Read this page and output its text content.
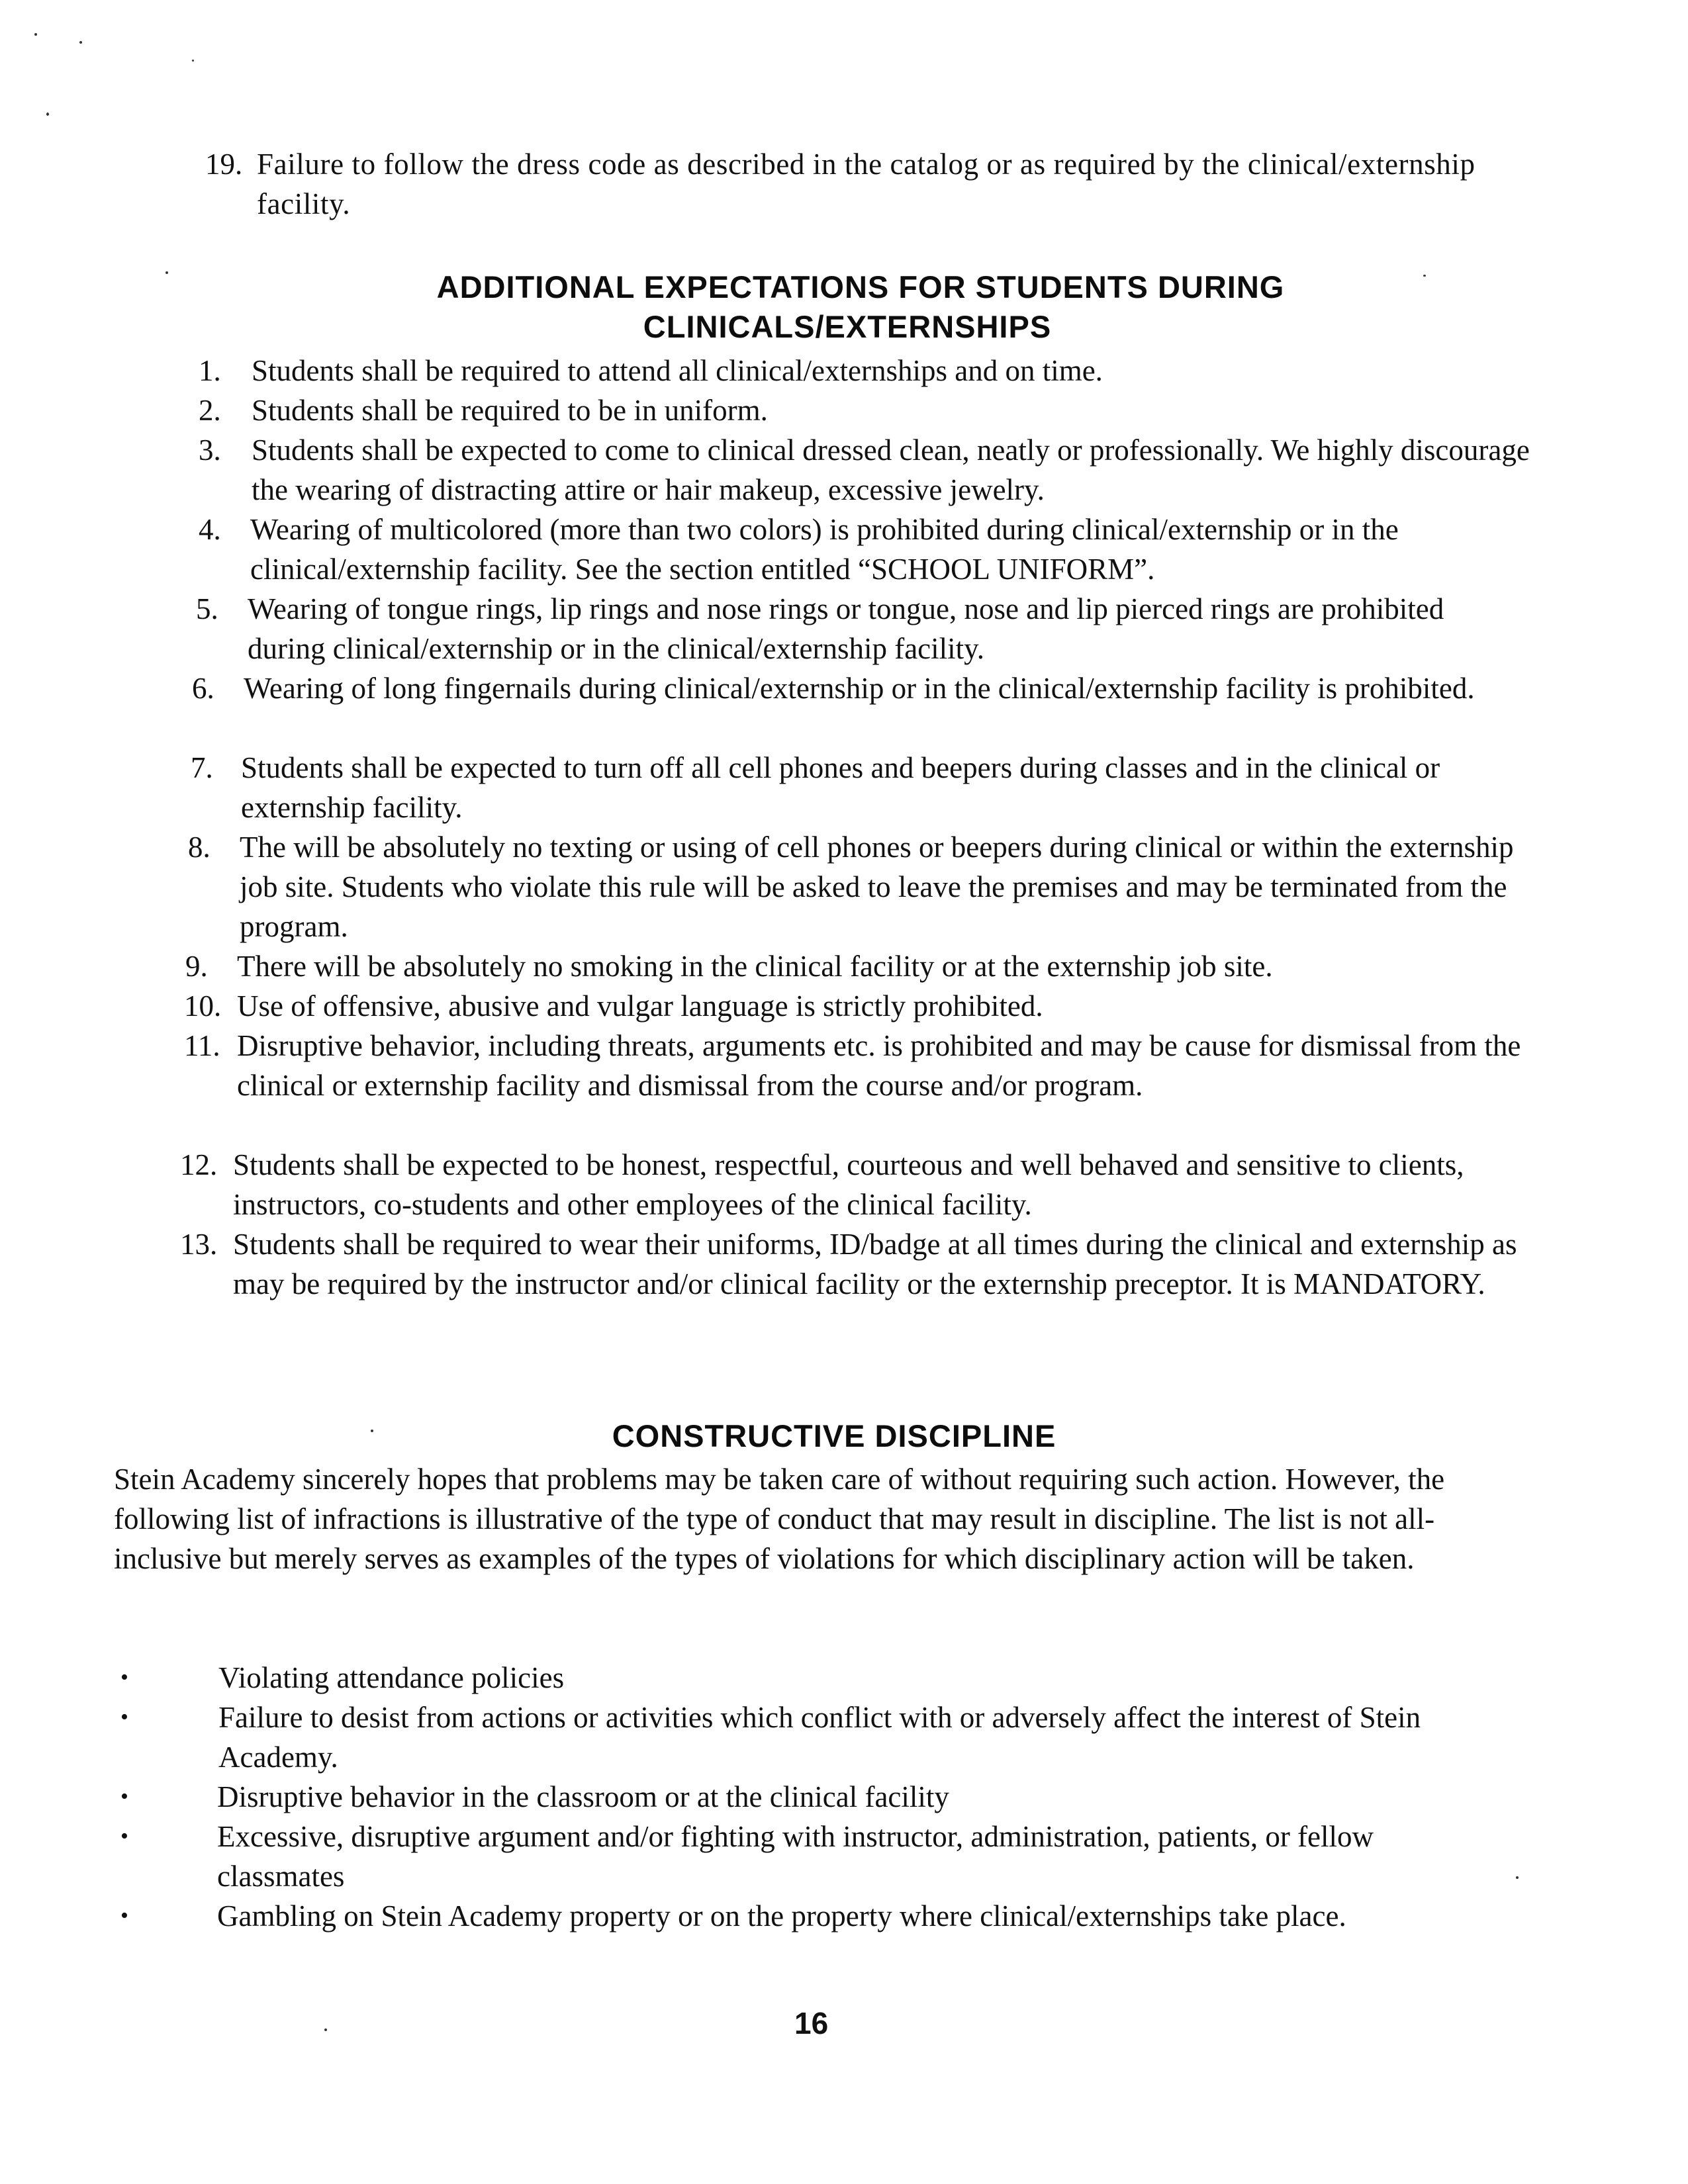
19. Failure to follow the dress code as described in the catalog or as required by the clinical/externship facility.
ADDITIONAL EXPECTATIONS FOR STUDENTS DURING
CLINICALS/EXTERNSHIPS
1.	Students shall be required to attend all clinical/externships and on time.
2.	Students shall be required to be in uniform.
3.	Students shall be expected to come to clinical dressed clean, neatly or professionally. We highly discourage the wearing of distracting attire or hair makeup, excessive jewelry.
4. Wearing of multicolored (more than two colors) is prohibited during clinical/externship or in the clinical/externship facility. See the section entitled “SCHOOL UNIFORM”.
5. Wearing of tongue rings, lip rings and nose rings or tongue, nose and lip pierced rings are prohibited during clinical/externship or in the clinical/externship facility.
6. Wearing of long fingernails during clinical/externship or in the clinical/externship facility is prohibited.
7. Students shall be expected to turn off all cell phones and beepers during classes and in the clinical or externship facility.
8. The will be absolutely no texting or using of cell phones or beepers during clinical or within the externship job site. Students who violate this rule will be asked to leave the premises and may be terminated from the program.
9. There will be absolutely no smoking in the clinical facility or at the externship job site.
10. Use of offensive, abusive and vulgar language is strictly prohibited.
11. Disruptive behavior, including threats, arguments etc. is prohibited and may be cause for dismissal from the clinical or externship facility and dismissal from the course and/or program.
12. Students shall be expected to be honest, respectful, courteous and well behaved and sensitive to clients, instructors, co-students and other employees of the clinical facility.
13. Students shall be required to wear their uniforms, ID/badge at all times during the clinical and externship as may be required by the instructor and/or clinical facility or the externship preceptor. It is MANDATORY.
CONSTRUCTIVE DISCIPLINE
Stein Academy sincerely hopes that problems may be taken care of without requiring such action. However, the following list of infractions is illustrative of the type of conduct that may result in discipline. The list is not all-inclusive but merely serves as examples of the types of violations for which disciplinary action will be taken.
•	Violating attendance policies
•	Failure to desist from actions or activities which conflict with or adversely affect the interest of Stein Academy.
•	Disruptive behavior in the classroom or at the clinical facility
•	Excessive, disruptive argument and/or fighting with instructor, administration, patients, or fellow classmates
•	Gambling on Stein Academy property or on the property where clinical/externships take place.
16
